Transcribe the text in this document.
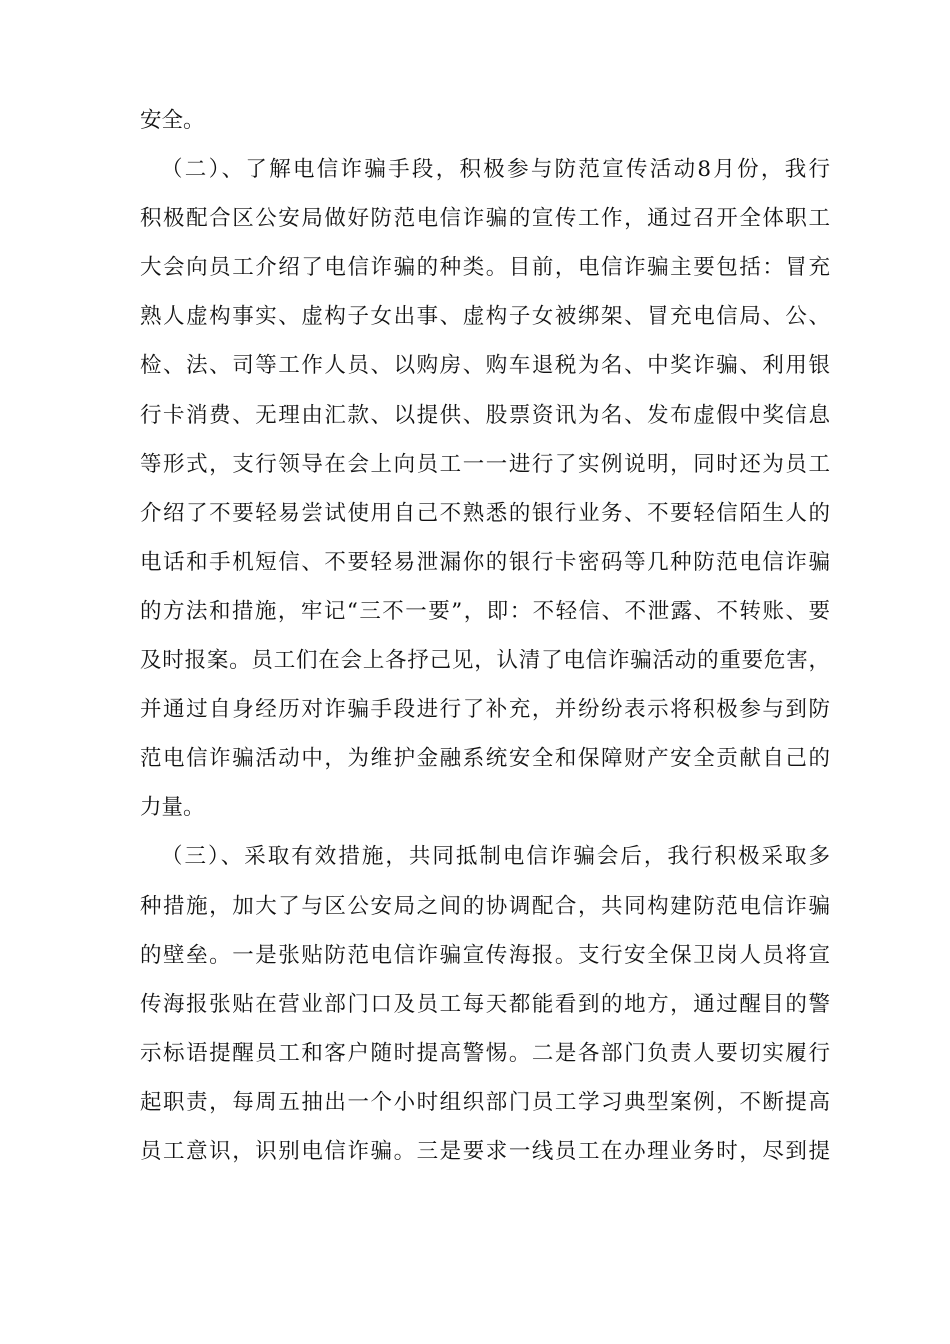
安全。
（二）、了解电信诈骗手段，积极参与防范宣传活动8月份，我行
积极配合区公安局做好防范电信诈骗的宣传工作，通过召开全体职工
大会向员工介绍了电信诈骗的种类。目前，电信诈骗主要包括：冒充
熟人虚构事实、虚构子女出事、虚构子女被绑架、冒充电信局、公、
检、法、司等工作人员、以购房、购车退税为名、中奖诈骗、利用银
行卡消费、无理由汇款、以提供、股票资讯为名、发布虚假中奖信息
等形式，支行领导在会上向员工一一进行了实例说明，同时还为员工
介绍了不要轻易尝试使用自己不熟悉的银行业务、不要轻信陌生人的
电话和手机短信、不要轻易泄漏你的银行卡密码等几种防范电信诈骗
的方法和措施，牢记“三不一要”，即：不轻信、不泄露、不转账、要
及时报案。员工们在会上各抒己见，认清了电信诈骗活动的重要危害，
并通过自身经历对诈骗手段进行了补充，并纷纷表示将积极参与到防
范电信诈骗活动中，为维护金融系统安全和保障财产安全贡献自己的
力量。
（三）、采取有效措施，共同抵制电信诈骗会后，我行积极采取多
种措施，加大了与区公安局之间的协调配合，共同构建防范电信诈骗
的壁垒。一是张贴防范电信诈骗宣传海报。支行安全保卫岗人员将宣
传海报张贴在营业部门口及员工每天都能看到的地方，通过醒目的警
示标语提醒员工和客户随时提高警惕。二是各部门负责人要切实履行
起职责，每周五抽出一个小时组织部门员工学习典型案例，不断提高
员工意识，识别电信诈骗。三是要求一线员工在办理业务时，尽到提
